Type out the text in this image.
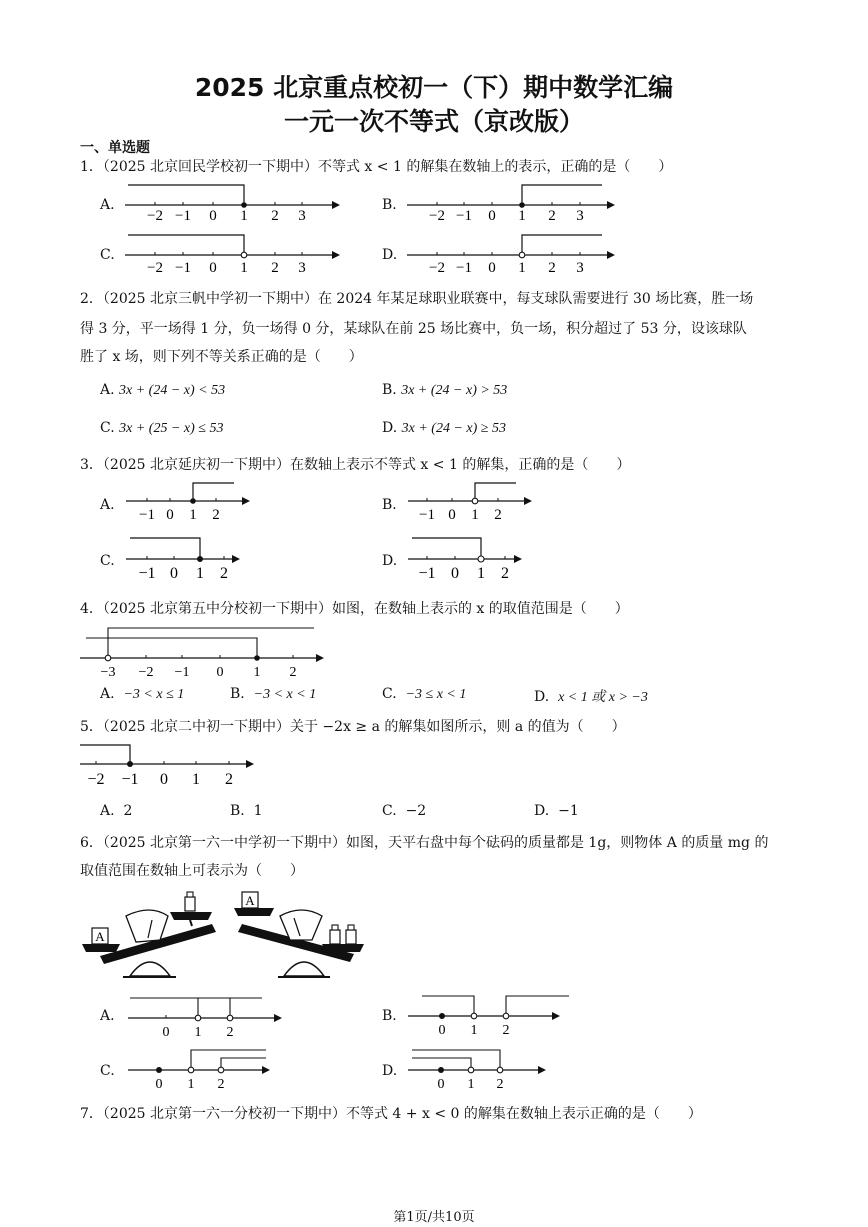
2025 北京重点校初一（下）期中数学汇编
一元一次不等式（京改版）
一、单选题
1．（2025 北京回民学校初一下期中）不等式 x < 1 的解集在数轴上的表示，正确的是（　　）
A.	B.
C.	D.
−2 −1 0 1 2 3	−2 −1 0 1 2 3
−2 −1 0 1 2 3	−2 −1 0 1 2 3
2．（2025 北京三帆中学初一下期中）在 2024 年某足球职业联赛中，每支球队需要进行 30 场比赛，胜一场
得 3 分，平一场得 1 分，负一场得 0 分，某球队在前 25 场比赛中，负一场，积分超过了 53 分，设该球队
胜了 x 场，则下列不等关系正确的是（　　）
A. 3x + (24 − x) < 53	B. 3x + (24 − x) > 53
C. 3x + (25 − x) ≤ 53	D. 3x + (24 − x) ≥ 53
3．（2025 北京延庆初一下期中）在数轴上表示不等式 x < 1 的解集，正确的是（　　）
A.	B.
C.	D.
−1 0 1 2	−1 0 1 2
−1 0 1 2	−1 0 1 2
4．（2025 北京第五中分校初一下期中）如图，在数轴上表示的 x 的取值范围是（　　）
−3 −2 −1 0 1 2
A. −3 < x ≤ 1	B. −3 < x < 1	C. −3 ≤ x < 1	D. x < 1 或 x > −3
5．（2025 北京二中初一下期中）关于 −2x ≥ a 的解集如图所示，则 a 的值为（　　）
−2 −1 0 1 2
A. 2	B. 1	C. −2	D. −1
6．（2025 北京第一六一中学初一下期中）如图，天平右盘中每个砝码的质量都是 1g，则物体 A 的质量 mg 的
取值范围在数轴上可表示为（　　）
A
A
A.	B.
C.	D.
0 1 2	0 1 2
0 1 2	0 1 2
7．（2025 北京第一六一分校初一下期中）不等式 4 + x < 0 的解集在数轴上表示正确的是（　　）
第1页/共10页
